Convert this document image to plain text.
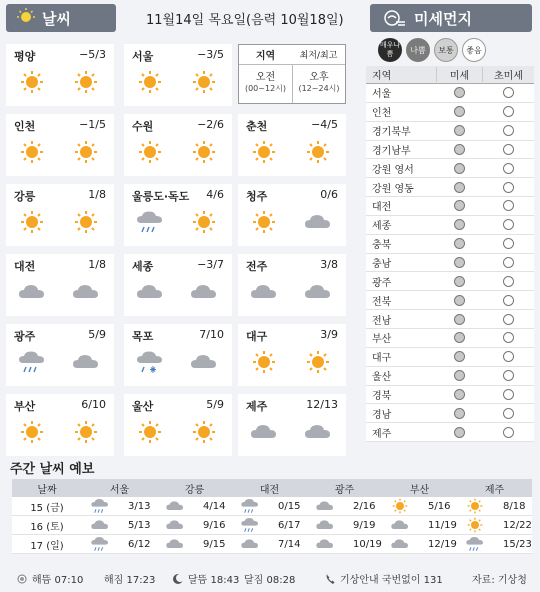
날씨	11월14일 목요일(음력 10월18일)	미세먼지
평양	−5/3 서울	−3/5
인천	−1/5 수원	−2/6 춘천	−4/5
강릉	1/8 울릉도·독도 4/6 청주	0/6
대전	1/8 세종	−3/7 전주	3/8
광주	5/9 목포	7/10 대구	3/9
부산	6/10 울산	5/9 제주	12/13
지역	최저/최고
오전
(00~12시)
오후
(12~24시)
매우나쁨	나쁨	보통	좋음
지역	미세	초미세
서울
인천
경기북부
경기남부
강원 영서
강원 영동
대전
세종
충북
충남
광주
전북
전남
부산
대구
울산
경북
경남
제주
주간 날씨 예보
날짜	서울	강릉	대전	광주	부산	제주
15 (금)	3/13	4/14	0/15	2/16	5/16	8/18
16 (토)	5/13	9/16	6/17	9/19	11/19	12/22
17 (일)	6/12	9/15	7/14	10/19	12/19	15/23
해뜸 07:10 해짐 17:23	달뜸 18:43 달짐 08:28	기상안내 국번없이 131	자료: 기상청
